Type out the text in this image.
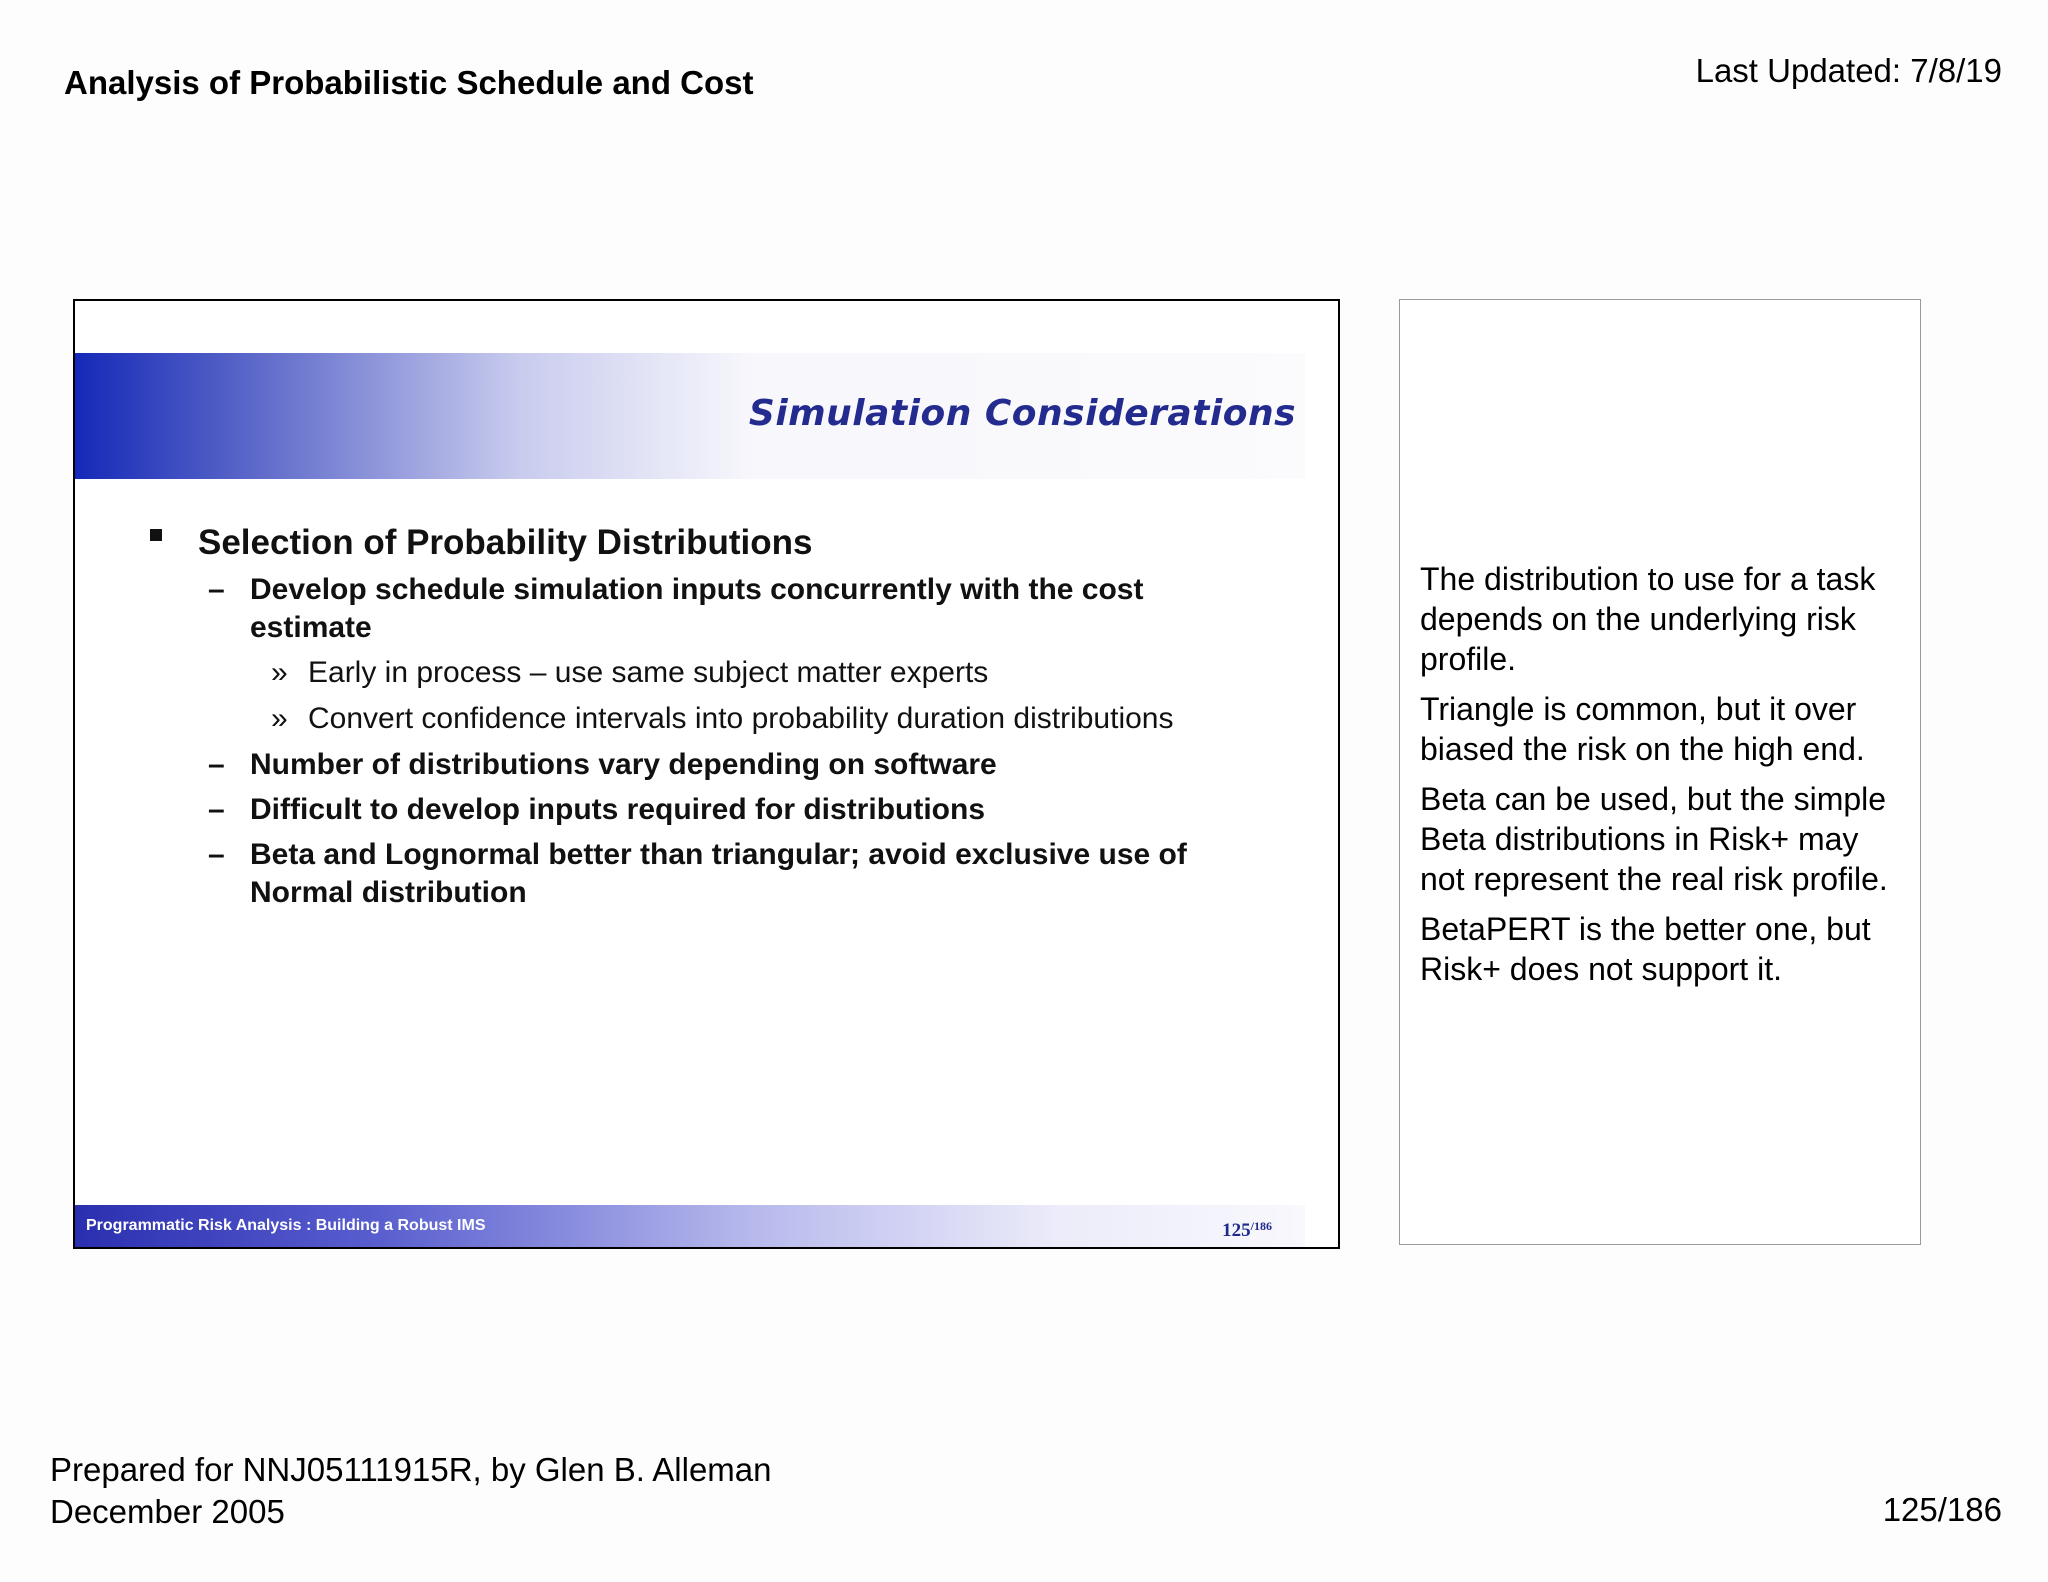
Analysis of Probabilistic Schedule and Cost	Last Updated: 7/8/19
Simulation Considerations
Selection of Probability Distributions
– Develop schedule simulation inputs concurrently with the cost estimate
» Early in process – use same subject matter experts
» Convert confidence intervals into probability duration distributions
– Number of distributions vary depending on software
– Difficult to develop inputs required for distributions
– Beta and Lognormal better than triangular; avoid exclusive use of Normal distribution
Programmatic Risk Analysis : Building a Robust IMS	$125^{/186}$

The distribution to use for a task depends on the underlying risk profile.

Triangle is common, but it over biased the risk on the high end.

Beta can be used, but the simple Beta distributions in Risk+ may not represent the real risk profile.

BetaPERT is the better one, but Risk+ does not support it.

Prepared for NNJ05111915R, by Glen B. Alleman
December 2005	125/186
